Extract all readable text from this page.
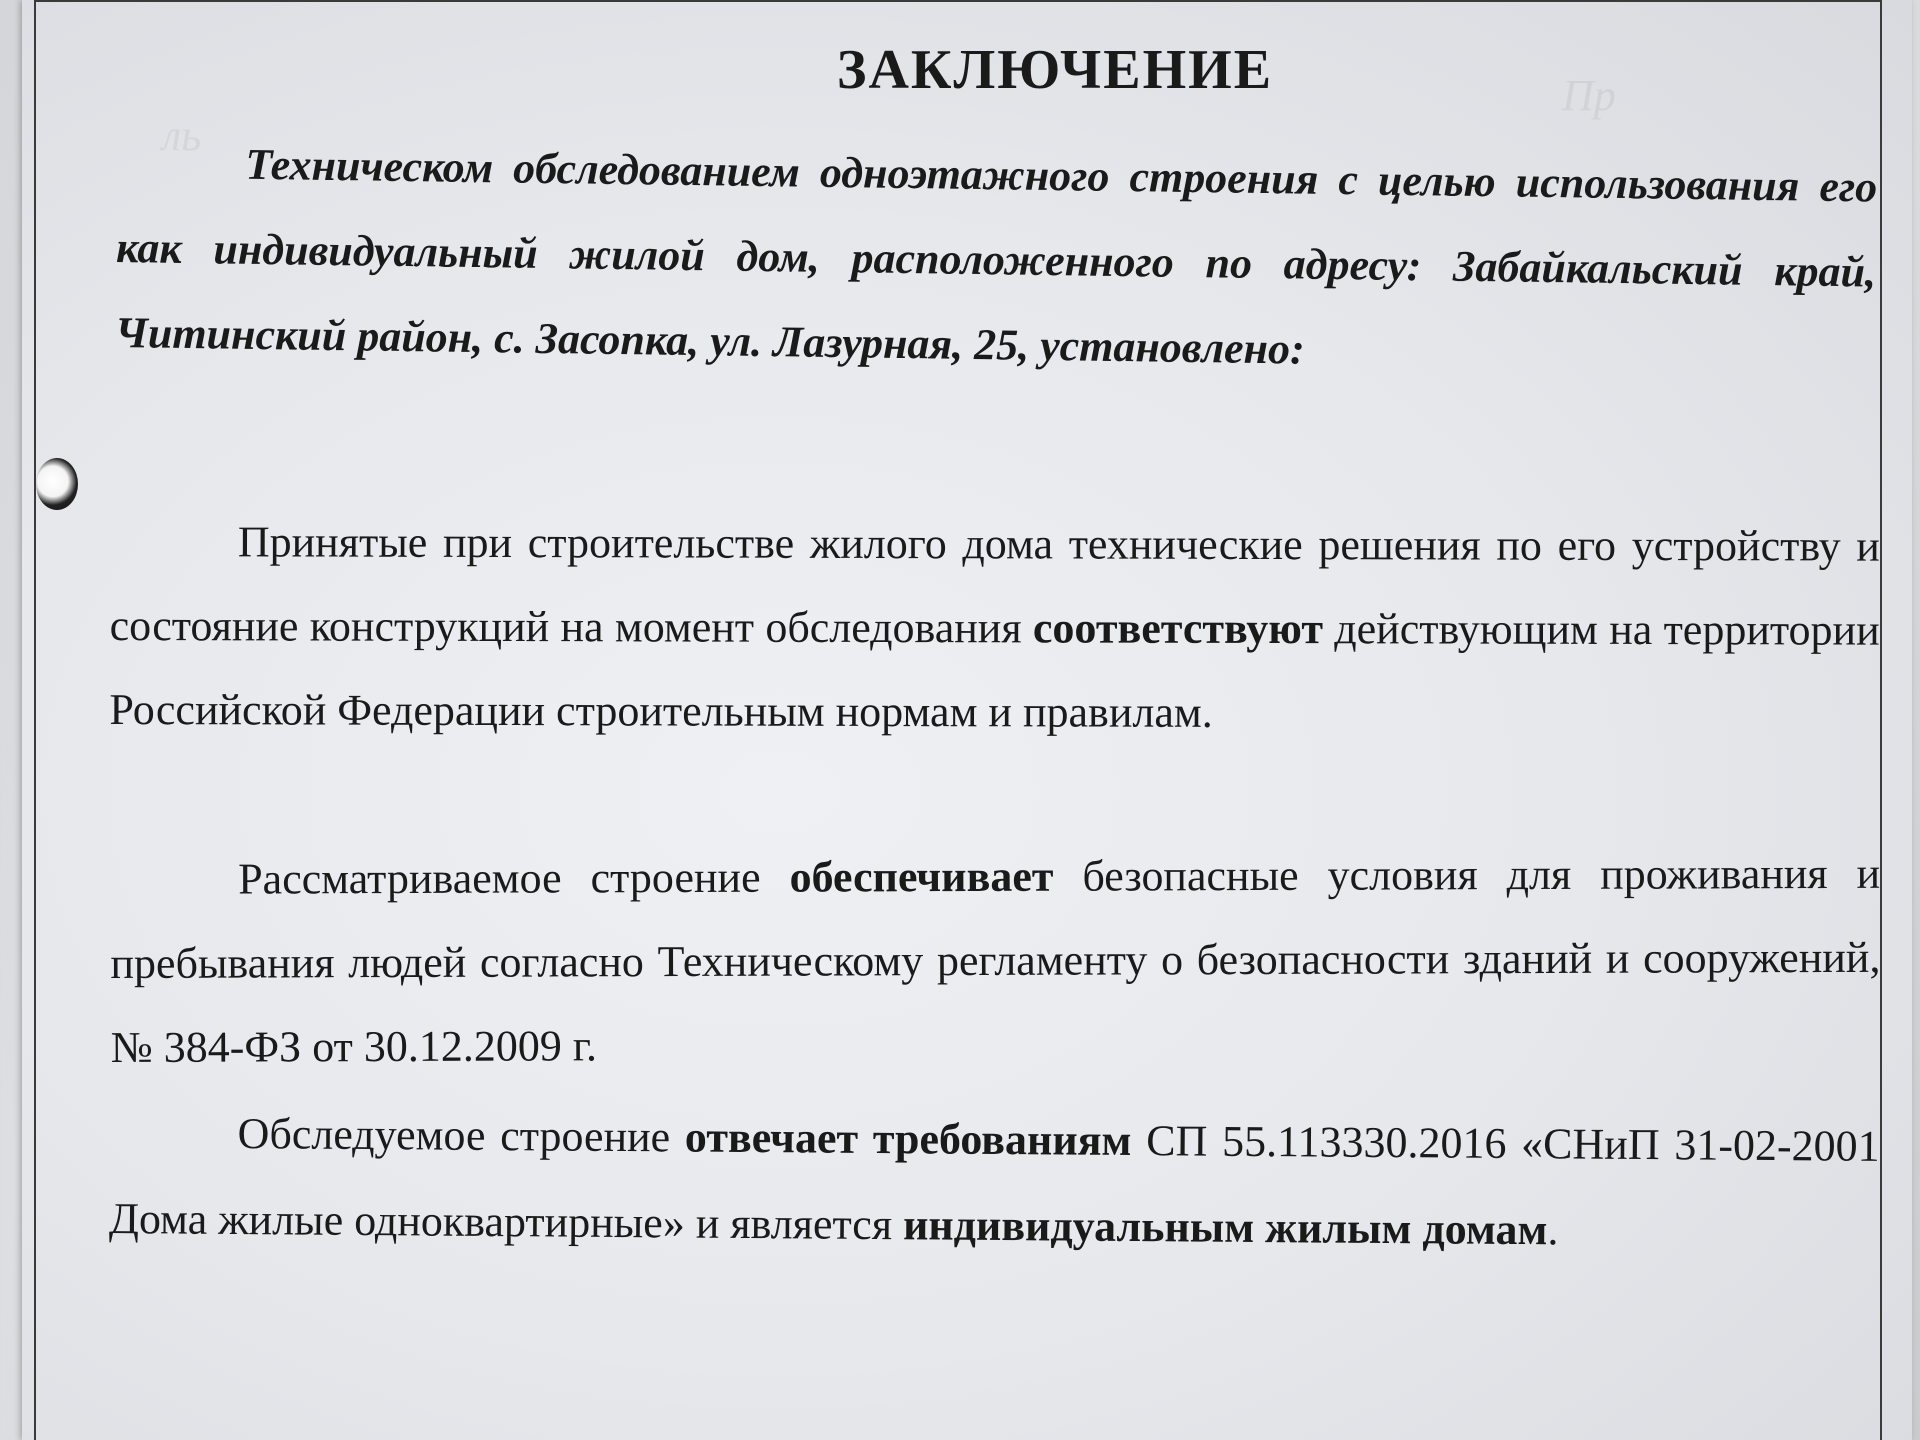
Пр
ль
ЗАКЛЮЧЕНИЕ
Техническом обследованием одноэтажного строения с целью использования его как индивидуальный жилой дом, расположенного по адресу: Забайкальский край, Читинский район, с. Засопка, ул. Лазурная, 25, установлено:
Принятые при строительстве жилого дома технические решения по его устройству и состояние конструкций на момент обследования соответствуют действующим на территории Российской Федерации строительным нормам и правилам.
Рассматриваемое строение обеспечивает безопасные условия для проживания и пребывания людей согласно Техническому регламенту о безопасности зданий и сооружений, № 384-ФЗ от 30.12.2009 г.
Обследуемое строение отвечает требованиям СП 55.113330.2016 «СНиП 31-02-2001 Дома жилые одноквартирные» и является индивидуальным жилым домам.
